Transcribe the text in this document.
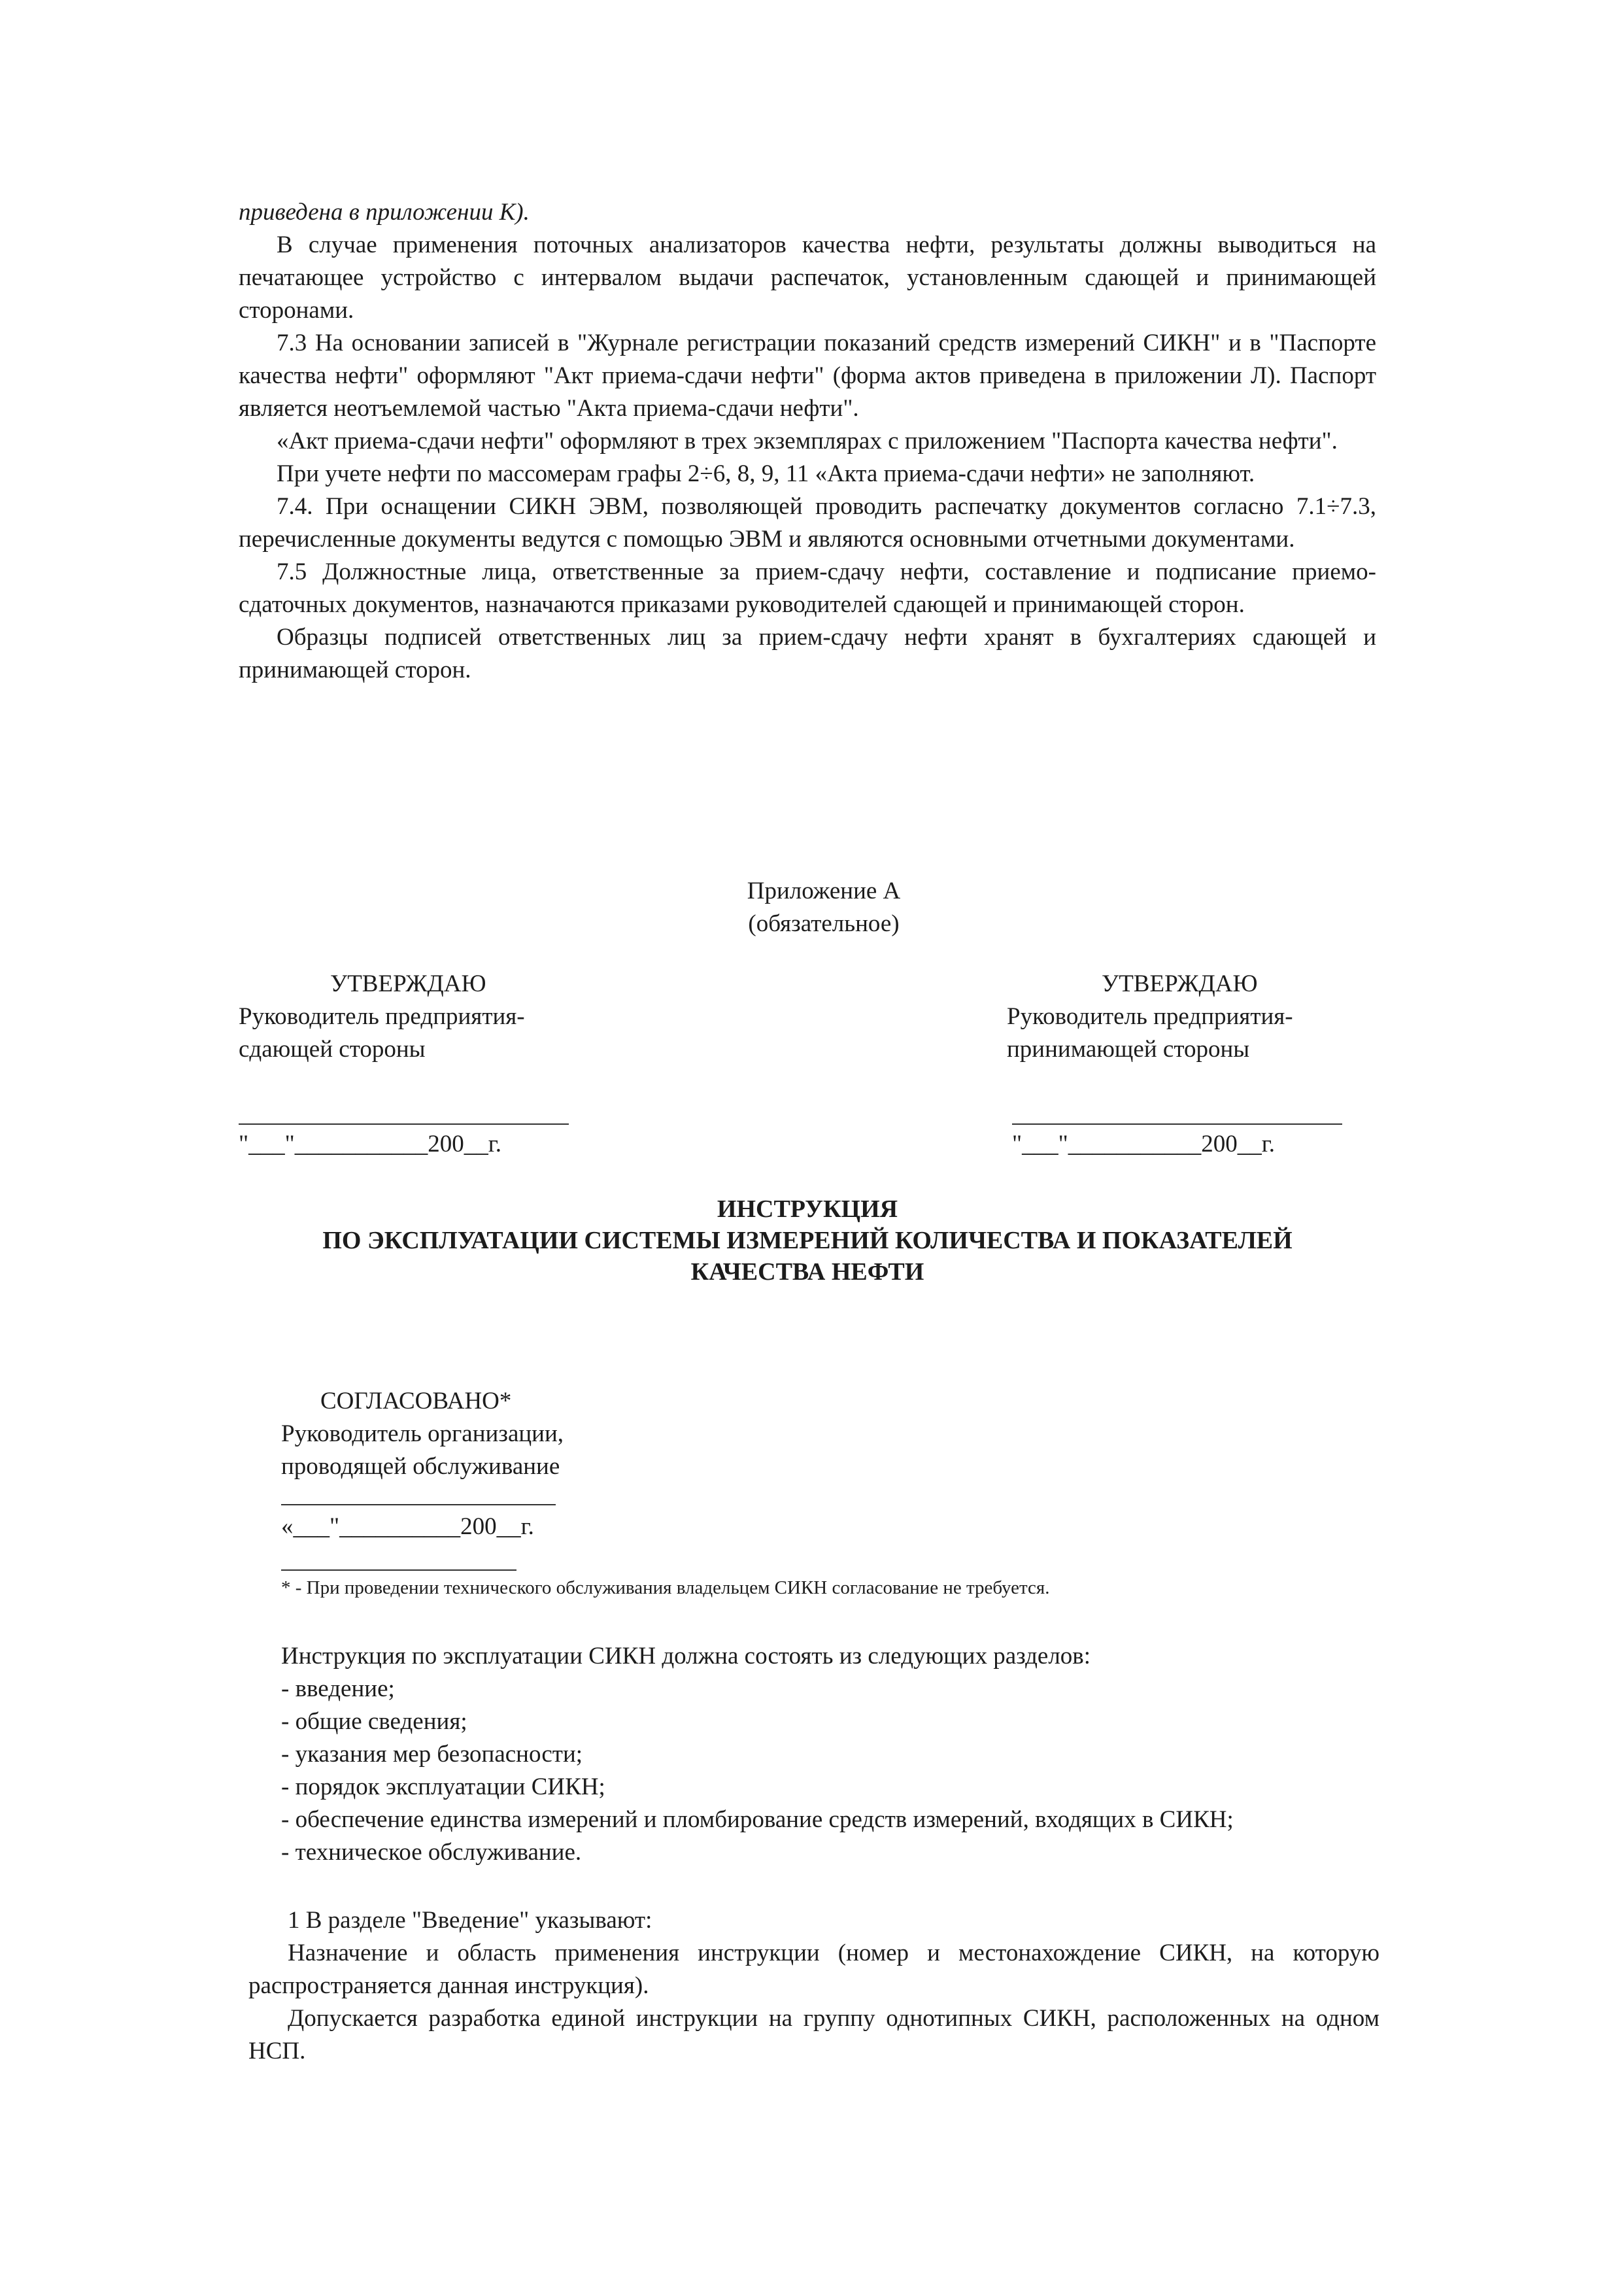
приведена в приложении К).

В случае применения поточных анализаторов качества нефти, результаты должны выводиться на печатающее устройство с интервалом выдачи распечаток, установленным сдающей и принимающей сторонами.

7.3 На основании записей в "Журнале регистрации показаний средств измерений СИКН" и в "Паспорте качества нефти" оформляют "Акт приема-сдачи нефти" (форма актов приведена в приложении Л). Паспорт является неотъемлемой частью "Акта приема-сдачи нефти".

«Акт приема-сдачи нефти" оформляют в трех экземплярах с приложением "Паспорта качества нефти".

При учете нефти по массомерам графы 2÷6, 8, 9, 11 «Акта приема-сдачи нефти» не заполняют.

7.4. При оснащении СИКН ЭВМ, позволяющей проводить распечатку документов согласно 7.1÷7.3, перечисленные документы ведутся с помощью ЭВМ и являются основными отчетными документами.

7.5 Должностные лица, ответственные за прием-сдачу нефти, составление и подписание приемо-сдаточных документов, назначаются приказами руководителей сдающей и принимающей сторон.

Образцы подписей ответственных лиц за прием-сдачу нефти хранят в бухгалтериях сдающей и принимающей сторон.

Приложение А
(обязательное)
УТВЕРЖДАЮ
Руководитель предприятия-
сдающей стороны
"___"___________200__г.
УТВЕРЖДАЮ
Руководитель предприятия-
принимающей стороны
"___"___________200__г.
ИНСТРУКЦИЯ
ПО ЭКСПЛУАТАЦИИ СИСТЕМЫ ИЗМЕРЕНИЙ КОЛИЧЕСТВА И ПОКАЗАТЕЛЕЙ
КАЧЕСТВА НЕФТИ
СОГЛАСОВАНО*
Руководитель организации,
проводящей обслуживание
«___"__________200__г.
* - При проведении технического обслуживания владельцем СИКН согласование не требуется.

Инструкция по эксплуатации СИКН должна состоять из следующих разделов:

- введение;

- общие сведения;

- указания мер безопасности;

- порядок эксплуатации СИКН;

- обеспечение единства измерений и пломбирование средств измерений, входящих в СИКН;

- техническое обслуживание.

1 В разделе "Введение" указывают:

Назначение и область применения инструкции (номер и местонахождение СИКН, на которую распространяется данная инструкция).

Допускается разработка единой инструкции на группу однотипных СИКН, расположенных на одном НСП.
